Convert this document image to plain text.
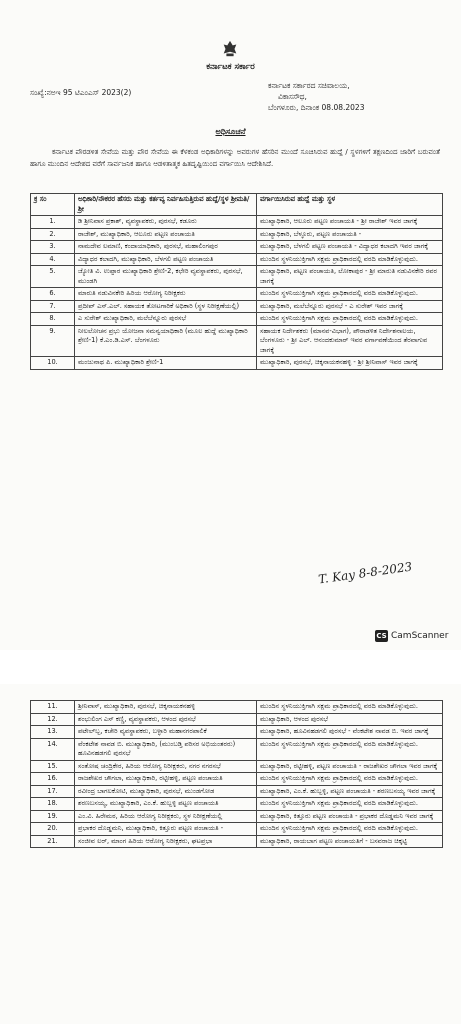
ಕರ್ನಾಟಕ ಸರ್ಕಾರ
ಸಂಖ್ಯೆ:ನಅಇ 95 ಟಿಎಂಎಸ್ 2023(2)
ಕರ್ನಾಟಕ ಸರ್ಕಾರದ ಸಚಿವಾಲಯ,
ವಿಕಾಸಸೌಧ,
ಬೆಂಗಳೂರು, ದಿನಾಂಕ 08.08.2023
ಅಧಿಸೂಚನೆ
ಕರ್ನಾಟಕ ಪೌರಡಳಿತ ಸೇವೆಯ ಮತ್ತು ಪೌರ ಸೇವೆಯ ಈ ಕೆಳಕಂಡ ಅಧಿಕಾರಿಗಳನ್ನು ಅವರುಗಳ ಹೆಸರಿನ ಮುಂದೆ ಸೂಚಿಸಿರುವ ಹುದ್ದೆ / ಸ್ಥಳಗಳಿಗೆ ತಕ್ಷಣದಿಂದ ಜಾರಿಗೆ ಬರುವಂತೆ ಹಾಗೂ ಮುಂದಿನ ಆದೇಶದ ವರೆಗೆ ಸಾರ್ವಜನಿಕ ಹಾಗೂ ಆಡಳಿತಾತ್ಮಕ ಹಿತದೃಷ್ಟಿಯಿಂದ ವರ್ಗಾಯಿಸಿ ಆದೇಶಿಸಿದೆ.
ಕ್ರ ಸಂ	ಅಧಿಕಾರಿ/ನೌಕರರ ಹೆಸರು ಮತ್ತು ಕರ್ತವ್ಯ ನಿರ್ವಹಿಸುತ್ತಿರುವ ಹುದ್ದೆ/ಸ್ಥಳ ಶ್ರೀಮತಿ/ಶ್ರೀ	ವರ್ಗಾಯಿಸಿರುವ ಹುದ್ದೆ ಮತ್ತು ಸ್ಥಳ
1.	ಡಿ ಶ್ರೀನಿವಾಸ ಪ್ರಕಾಶ್, ವ್ಯವಸ್ಥಾಪಕರು, ಪುರಸಭೆ, ಕಡೂರು	ಮುಖ್ಯಾಧಿಕಾರಿ, ಆಲೂರು ಪಟ್ಟಣ ಪಂಚಾಯತಿ - ಶ್ರೀ ರಾಜೇಶ್ ಇವರ ಜಾಗಕ್ಕೆ
2.	ರಾಜೇಶ್, ಮುಖ್ಯಾಧಿಕಾರಿ, ಆಲೂರು ಪಟ್ಟಣ ಪಂಚಾಯತಿ	ಮುಖ್ಯಾಧಿಕಾರಿ, ಬೆಳ್ಳೂರು, ಪಟ್ಟಣ ಪಂಚಾಯತಿ -
3.	ನಾಮದೇವ ಲಮಾಣಿ, ಕಂದಾಯಾಧಿಕಾರಿ, ಪುರಸಭೆ, ಮಹಾಲಿಂಗಪುರ	ಮುಖ್ಯಾಧಿಕಾರಿ, ಬೆಳಗಲಿ ಪಟ್ಟಣ ಪಂಚಾಯತಿ - ವಿದ್ಯಾಧರ ಕಲಾದಗಿ ಇವರ ಜಾಗಕ್ಕೆ
4.	ವಿದ್ಯಾಧರ ಕಲಾದಗಿ, ಮುಖ್ಯಾಧಿಕಾರಿ, ಬೆಳಗಲಿ ಪಟ್ಟಣ ಪಂಚಾಯತಿ	ಮುಂದಿನ ಸ್ಥಳನಿಯುಕ್ತಿಗಾಗಿ ಸಕ್ಷಮ ಪ್ರಾಧಿಕಾರದಲ್ಲಿ ವರದಿ ಮಾಡಿಕೊಳ್ಳುವುದು.
5.	ಜ್ಯೋತಿ ವಿ. ಉಪ್ಪಾರ ಮುಖ್ಯಾಧಿಕಾರಿ ಶ್ರೇಣಿ-2, ಕಛೇರಿ ವ್ಯವಸ್ಥಾಪಕರು, ಪುರಸಭೆ, ಮುಂಡಗಿ	ಮುಖ್ಯಾಧಿಕಾರಿ, ಪಟ್ಟಣ ಪಂಚಾಯತಿ, ಲೋಕಾಪುರ - ಶ್ರೀ ಮಾರುತಿ ನಡುವಿನಕೇರಿ ರವರ ಜಾಗಕ್ಕೆ
6.	ಮಾರುತಿ ನಡುವಿನಕೇರಿ ಹಿರಿಯ ಆರೋಗ್ಯ ನಿರೀಕ್ಷಕರು	ಮುಂದಿನ ಸ್ಥಳನಿಯುಕ್ತಿಗಾಗಿ ಸಕ್ಷಮ ಪ್ರಾಧಿಕಾರದಲ್ಲಿ ವರದಿ ಮಾಡಿಕೊಳ್ಳುವುದು.
7.	ಪ್ರದೀಪ್ ಎಸ್.ಎಲ್. ಸಹಾಯಕ ತೋಟಗಾರಿಕೆ ಅಧಿಕಾರಿ (ಸ್ಥಳ ನಿರೀಕ್ಷಣೆಯಲ್ಲಿ)	ಮುಖ್ಯಾಧಿಕಾರಿ, ಮಲೆಬೆನ್ನೂರು ಪುರಸಭೆ - ಎ ಸುರೇಶ್ ಇವರ ಜಾಗಕ್ಕೆ
8.	ಎ ಸುರೇಶ್ ಮುಖ್ಯಾಧಿಕಾರಿ, ಮಲೆಬೆನ್ನೂರು ಪುರಸಭೆ	ಮುಂದಿನ ಸ್ಥಳನಿಯುಕ್ತಿಗಾಗಿ ಸಕ್ಷಮ ಪ್ರಾಧಿಕಾರದಲ್ಲಿ ವರದಿ ಮಾಡಿಕೊಳ್ಳುವುದು.
9.	ನೀಲಲೋಚನ ಪ್ರಭು ಯೋಜನಾ ಸಮನ್ವಯಾಧಿಕಾರಿ (ಮೂಲ ಹುದ್ದೆ ಮುಖ್ಯಾಧಿಕಾರಿ ಶ್ರೇಣಿ-1) ಕೆ.ಎಂ.ಡಿ.ಎಸ್. ಬೆಂಗಳೂರು	ಸಹಾಯಕ ನಿರ್ದೇಶಕರು (ಮಾನವ-ವಿಭಾಗ), ಪೌರಾಡಳಿತ ನಿರ್ದೇಶನಾಲಯ, ಬೆಂಗಳೂರು - ಶ್ರೀ ಎಲ್. ಆನಂದಕುಮಾರ್ ಇವರ ವರ್ಗಾವಣೆಯಿಂದ ತೆರವಾಗುವ ಜಾಗಕ್ಕೆ
10.	ಮಂಜುನಾಥ ಪಿ. ಮುಖ್ಯಾಧಿಕಾರಿ ಶ್ರೇಣಿ-1	ಮುಖ್ಯಾಧಿಕಾರಿ, ಪುರಸಭೆ, ಚಿಕ್ಕನಾಯಕನಹಳ್ಳಿ - ಶ್ರೀ ಶ್ರೀನಿವಾಸ್ ಇವರ ಜಾಗಕ್ಕೆ
T. Kay 8-8-2023
CS CamScanner
11.	ಶ್ರೀನಿವಾಸ್, ಮುಖ್ಯಾಧಿಕಾರಿ, ಪುರಸಭೆ, ಚಿಕ್ಕನಾಯಕನಹಳ್ಳಿ	ಮುಂದಿನ ಸ್ಥಳನಿಯುಕ್ತಿಗಾಗಿ ಸಕ್ಷಮ ಪ್ರಾಧಿಕಾರದಲ್ಲಿ ವರದಿ ಮಾಡಿಕೊಳ್ಳುವುದು.
12.	ಶಂಭುಲಿಂಗ ಎಸ್ ಕಣ್ಣಿ, ವ್ಯವಸ್ಥಾಪಕರು, ಆಳಂದ ಪುರಸಭೆ	ಮುಖ್ಯಾಧಿಕಾರಿ, ಆಳಂದ ಪುರಸಭೆ
13.	ಪಟೇಲ್‌ಬ್ಬ, ಕಚೇರಿ ವ್ಯವಸ್ಥಾಪಕರು, ಬಳ್ಳಾರಿ ಮಹಾನಗರಪಾಲಿಕೆ	ಮುಖ್ಯಾಧಿಕಾರಿ, ಹೂವಿನಹಡಗಲಿ ಪುರಸಭೆ - ವೆಂಕಟೇಶ ನಾವಡ ಬಿ. ಇವರ ಜಾಗಕ್ಕೆ
14.	ವೆಂಕಟೇಶ ನಾವಡ ಬಿ. ಮುಖ್ಯಾಧಿಕಾರಿ, (ಮುಂಬಡ್ತಿ ಪರಿಸರ ಅಭಿಯಂತರರು) ಹೂವಿನಹಡಗಲಿ ಪುರಸಭೆ	ಮುಂದಿನ ಸ್ಥಳನಿಯುಕ್ತಿಗಾಗಿ ಸಕ್ಷಮ ಪ್ರಾಧಿಕಾರದಲ್ಲಿ ವರದಿ ಮಾಡಿಕೊಳ್ಳುವುದು.
15.	ಸಂತೋಷ ಚಂದ್ರಿಕೇರ, ಹಿರಿಯ ಆರೋಗ್ಯ ನಿರೀಕ್ಷಕರು, ನಗರ ನಗರಸಭೆ	ಮುಖ್ಯಾಧಿಕಾರಿ, ರಟ್ಟೀಹಳ್ಳಿ, ಪಟ್ಟಣ ಪಂಚಾಯತಿ - ರಾಜಶೇಖರ ಚೌಗಲಾ ಇವರ ಜಾಗಕ್ಕೆ
16.	ರಾಜಶೇಖರ ಚೌಗಲಾ, ಮುಖ್ಯಾಧಿಕಾರಿ, ರಟ್ಟೀಹಳ್ಳಿ, ಪಟ್ಟಣ ಪಂಚಾಯತಿ	ಮುಂದಿನ ಸ್ಥಳನಿಯುಕ್ತಿಗಾಗಿ ಸಕ್ಷಮ ಪ್ರಾಧಿಕಾರದಲ್ಲಿ ವರದಿ ಮಾಡಿಕೊಳ್ಳುವುದು.
17.	ರವೀಂದ್ರ ಬಾಗಲಕೋಟಿ, ಮುಖ್ಯಾಧಿಕಾರಿ, ಪುರಸಭೆ, ಮುಂಡಗೋಡ	ಮುಖ್ಯಾಧಿಕಾರಿ, ಎಂ.ಕೆ. ಹುಬ್ಬಳ್ಳಿ, ಪಟ್ಟಣ ಪಂಚಾಯತಿ - ಶರಣಬಸಯ್ಯ ಇವರ ಜಾಗಕ್ಕೆ
18.	ಶರಣಬಸಯ್ಯ, ಮುಖ್ಯಾಧಿಕಾರಿ, ಎಂ.ಕೆ. ಹುಬ್ಬಳ್ಳಿ ಪಟ್ಟಣ ಪಂಚಾಯತಿ	ಮುಂದಿನ ಸ್ಥಳನಿಯುಕ್ತಿಗಾಗಿ ಸಕ್ಷಮ ಪ್ರಾಧಿಕಾರದಲ್ಲಿ ವರದಿ ಮಾಡಿಕೊಳ್ಳುವುದು.
19.	ಎಂ.ವಿ. ಹಿರೇಮಠ, ಹಿರಿಯ ಆರೋಗ್ಯ ನಿರೀಕ್ಷಕರು, ಸ್ಥಳ ನಿರೀಕ್ಷಣೆಯಲ್ಲಿ	ಮುಖ್ಯಾಧಿಕಾರಿ, ಕಿತ್ತೂರು ಪಟ್ಟಣ ಪಂಚಾಯತಿ - ಪ್ರಭಾಕರ ದೊಡ್ಡಮನಿ ಇವರ ಜಾಗಕ್ಕೆ
20.	ಪ್ರಭಾಕರ ದೊಡ್ಡಮನಿ, ಮುಖ್ಯಾಧಿಕಾರಿ, ಕಿತ್ತೂರು ಪಟ್ಟಣ ಪಂಚಾಯತಿ -	ಮುಂದಿನ ಸ್ಥಳನಿಯುಕ್ತಿಗಾಗಿ ಸಕ್ಷಮ ಪ್ರಾಧಿಕಾರದಲ್ಲಿ ವರದಿ ಮಾಡಿಕೊಳ್ಳುವುದು.
21.	ಸಂಜೀವ ಲರ್, ಮಾಂಗ ಹಿರಿಯ ಆರೋಗ್ಯ ನಿರೀಕ್ಷಕರು, ಘಟಪ್ರಭಾ	ಮುಖ್ಯಾಧಿಕಾರಿ, ರಾಯಬಾಗ ಪಟ್ಟಣ ಪಂಚಾಯತಿಗೆ - ಬಸವರಾಜ ಚಿಕ್ಕಟ್ಟಿ
